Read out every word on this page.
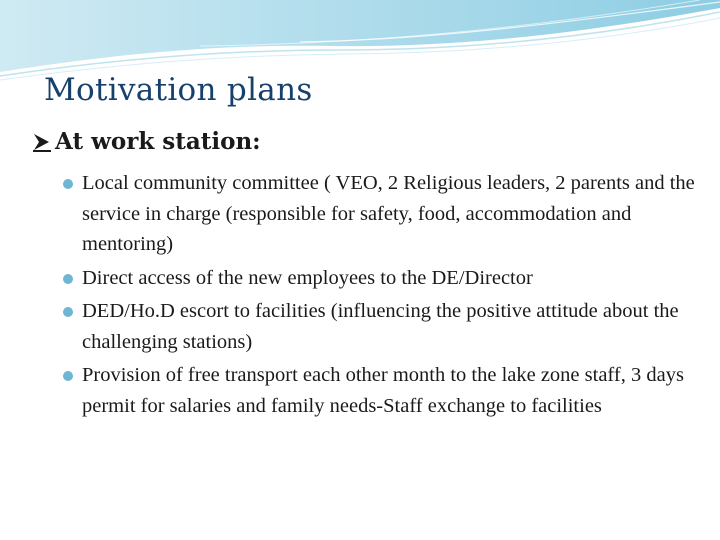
Motivation plans
At work station:
Local community committee ( VEO, 2 Religious leaders, 2 parents and the service in charge (responsible for safety, food, accommodation and mentoring)
Direct access of the new employees to the DE/Director
DED/Ho.D escort to facilities (influencing the positive attitude about the challenging stations)
Provision of free transport each other month to the lake zone staff, 3 days permit for salaries and family needs-Staff exchange to facilities
